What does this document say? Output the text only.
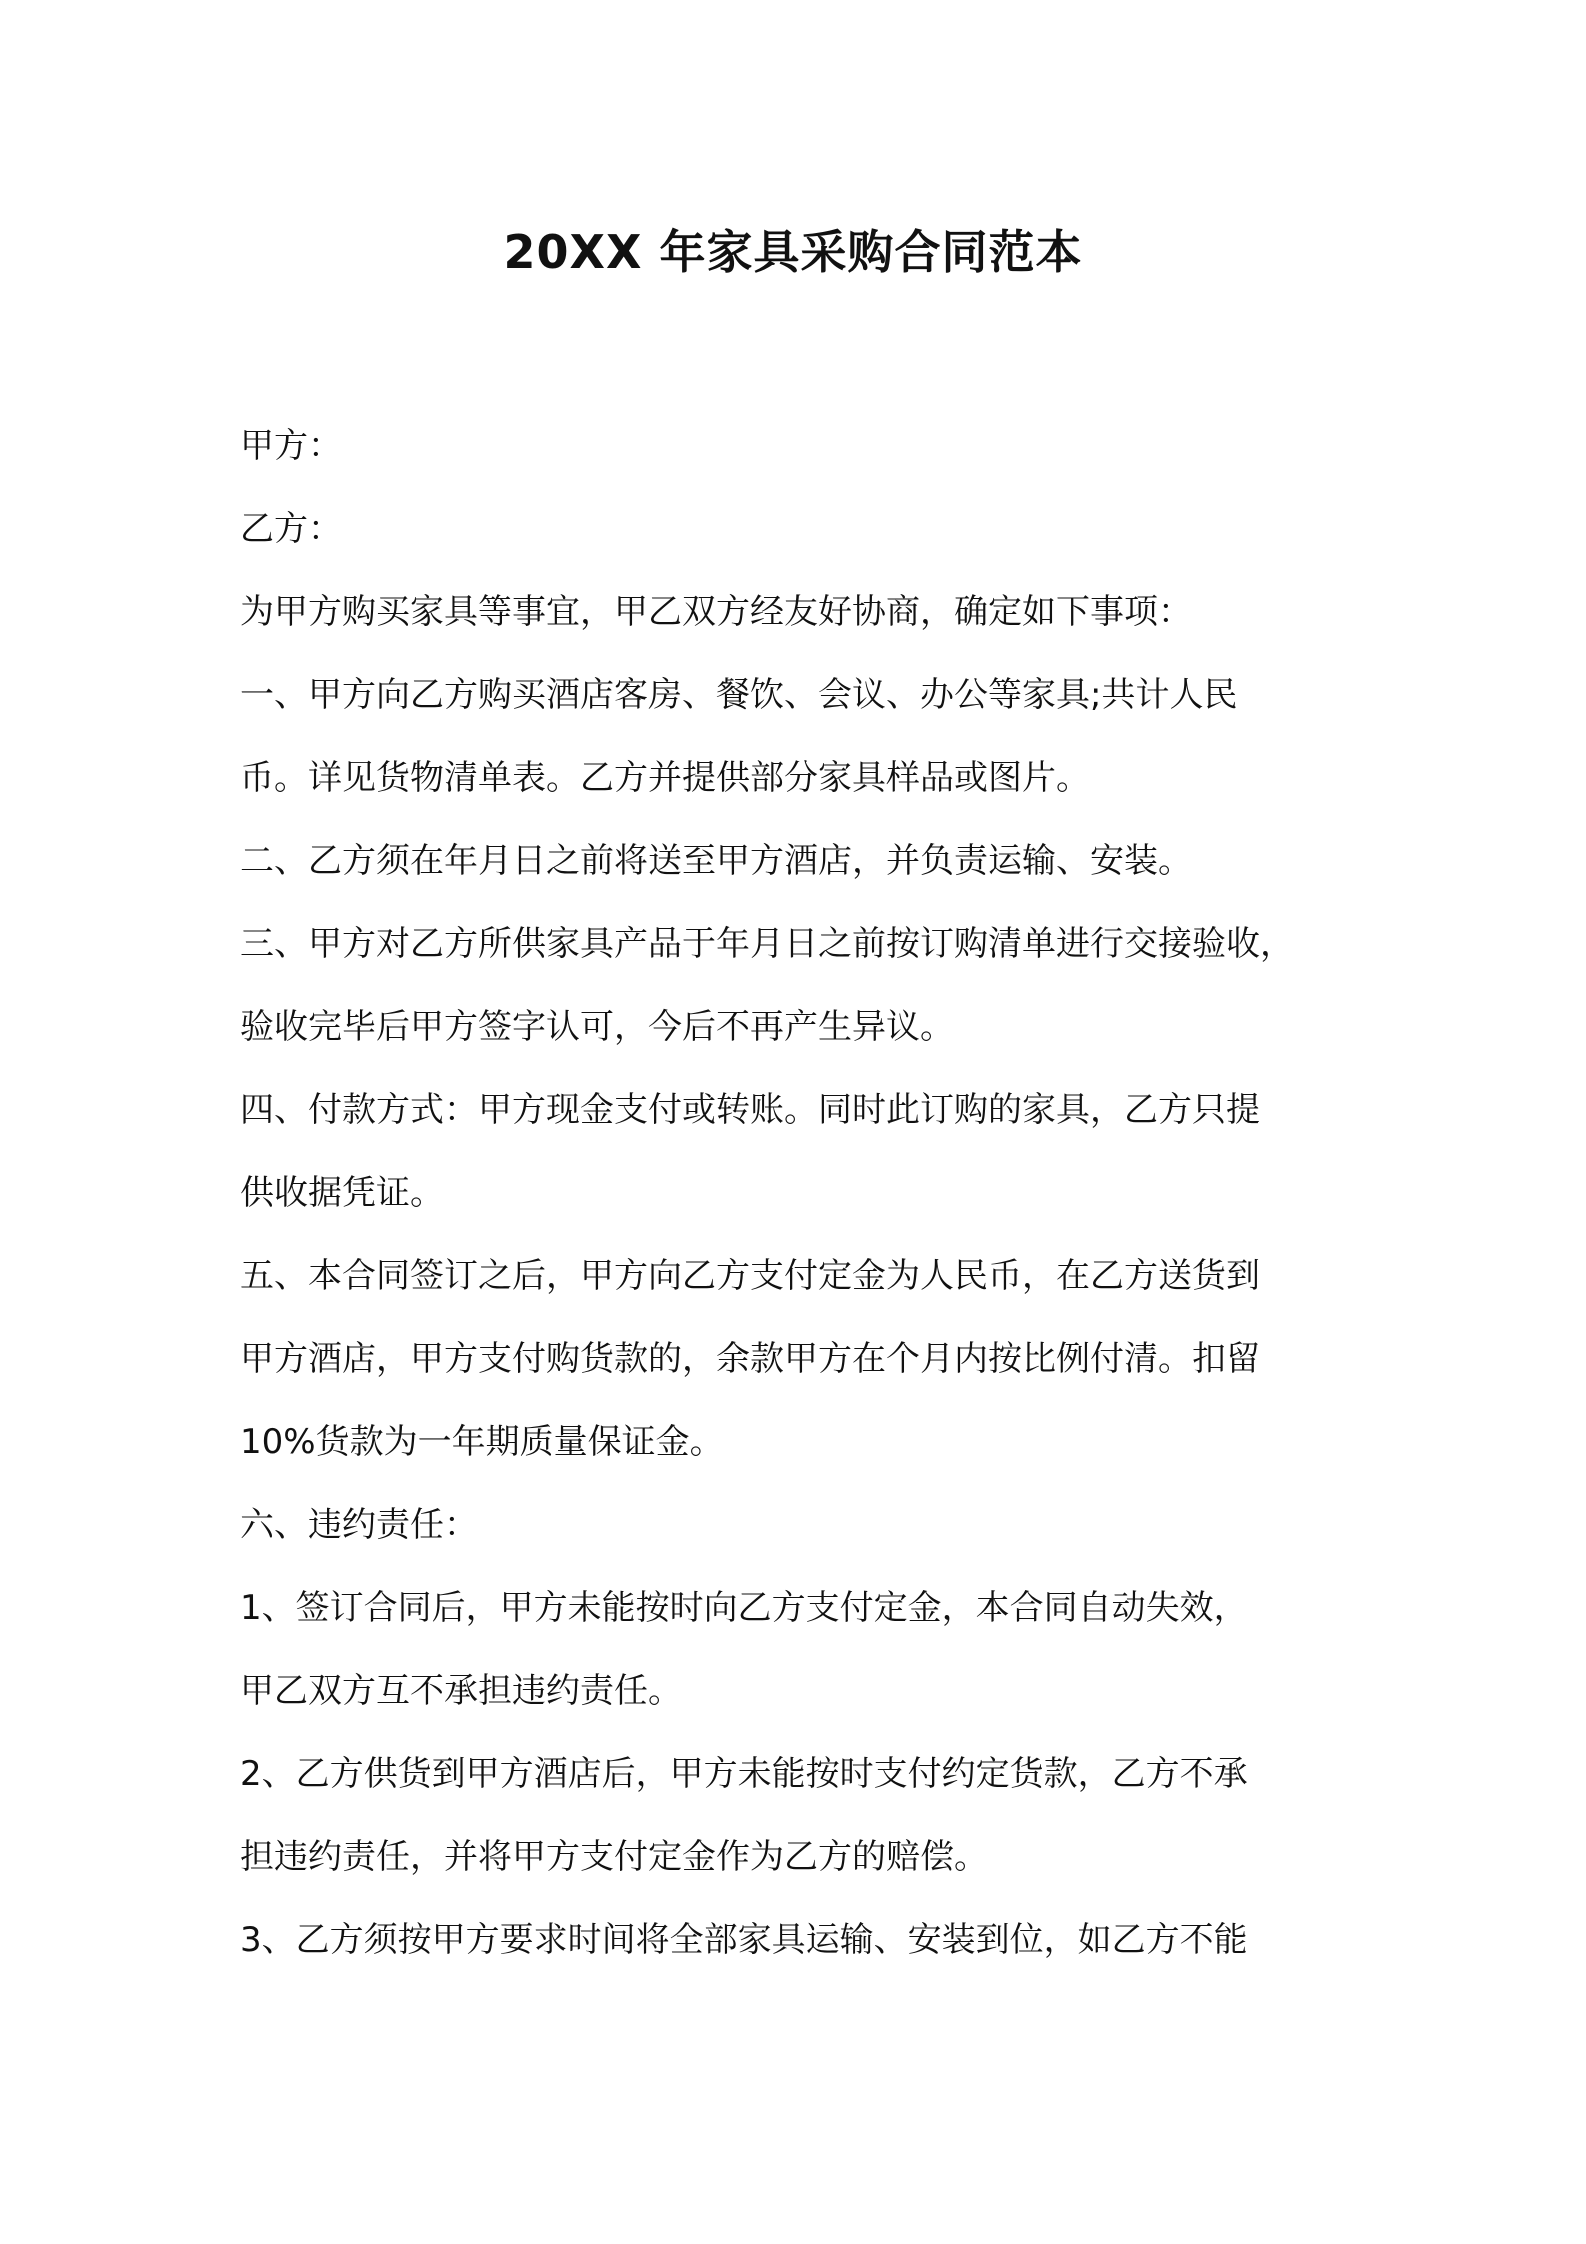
20XX 年家具采购合同范本
甲方：
乙方：
为甲方购买家具等事宜，甲乙双方经友好协商，确定如下事项：
一、甲方向乙方购买酒店客房、餐饮、会议、办公等家具;共计人民
币。详见货物清单表。乙方并提供部分家具样品或图片。
二、乙方须在年月日之前将送至甲方酒店，并负责运输、安装。
三、甲方对乙方所供家具产品于年月日之前按订购清单进行交接验收，
验收完毕后甲方签字认可，今后不再产生异议。
四、付款方式：甲方现金支付或转账。同时此订购的家具，乙方只提
供收据凭证。
五、本合同签订之后，甲方向乙方支付定金为人民币，在乙方送货到
甲方酒店，甲方支付购货款的，余款甲方在个月内按比例付清。扣留
10%货款为一年期质量保证金。
六、违约责任：
1、签订合同后，甲方未能按时向乙方支付定金，本合同自动失效，
甲乙双方互不承担违约责任。
2、乙方供货到甲方酒店后，甲方未能按时支付约定货款，乙方不承
担违约责任，并将甲方支付定金作为乙方的赔偿。
3、乙方须按甲方要求时间将全部家具运输、安装到位，如乙方不能
